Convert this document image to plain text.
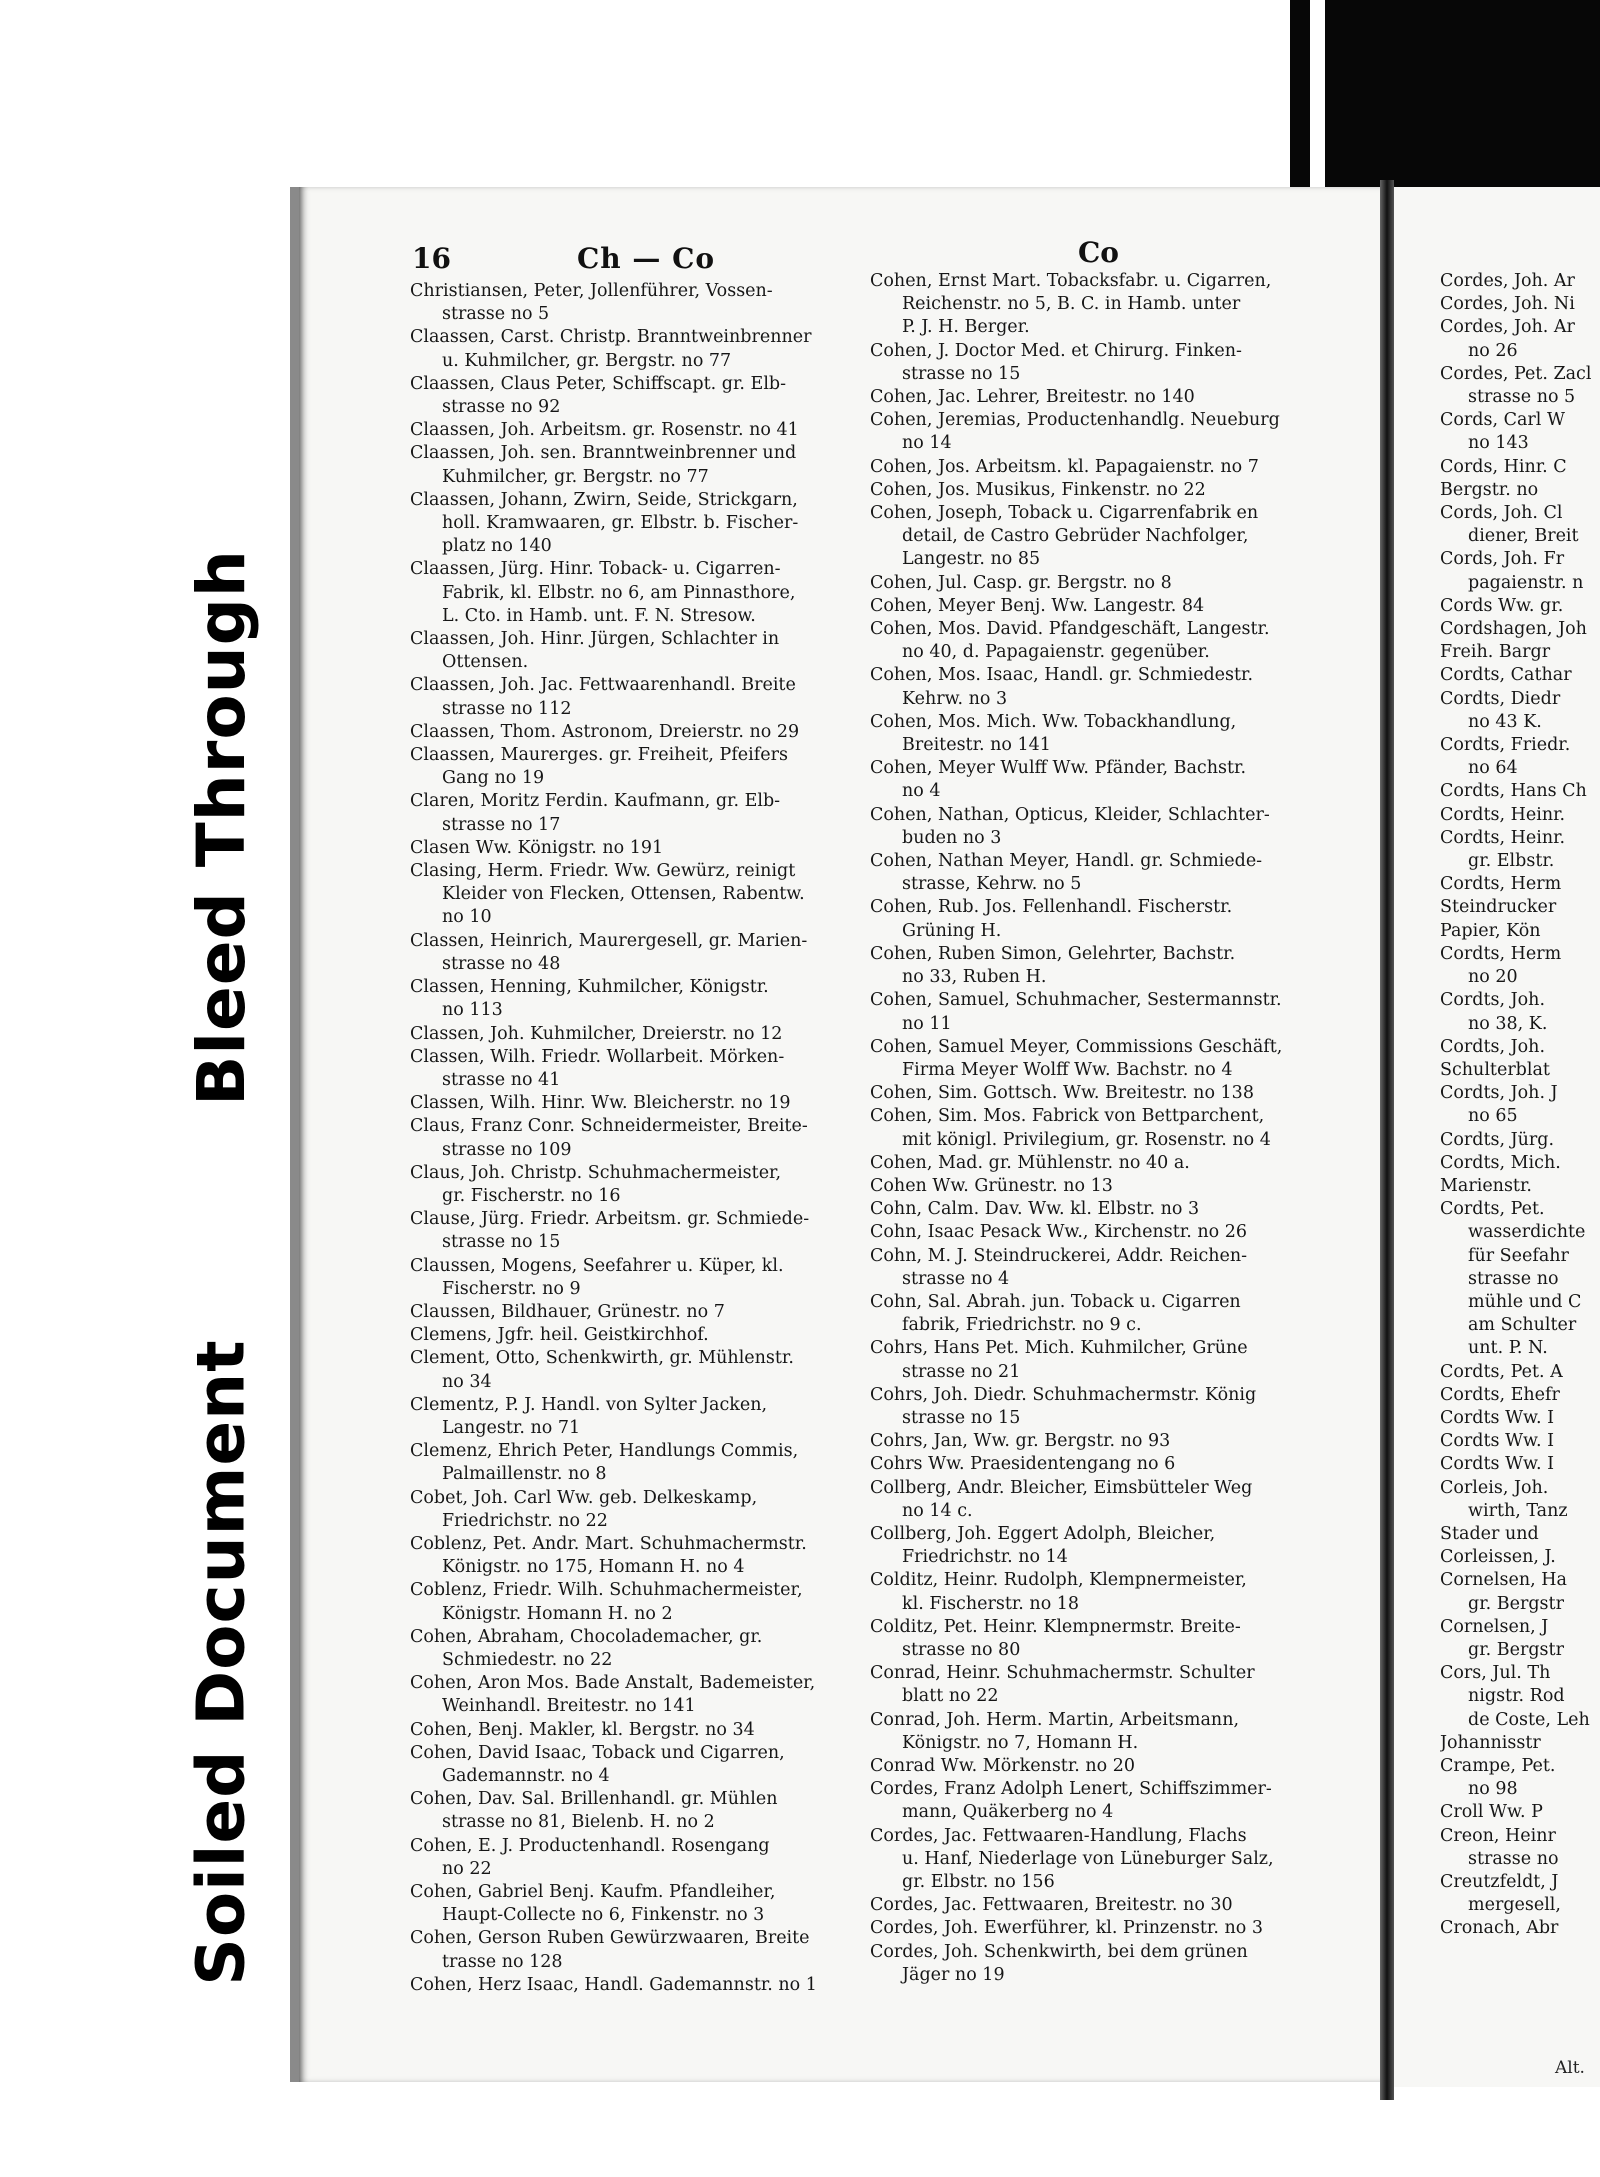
16	Ch — Co	Co
Christiansen, Peter, Jollenführer, Vossen-
strasse no 5
Claassen, Carst. Christp. Branntweinbrenner
u. Kuhmilcher, gr. Bergstr. no 77
Claassen, Claus Peter, Schiffscapt. gr. Elb-
strasse no 92
Claassen, Joh. Arbeitsm. gr. Rosenstr. no 41
Claassen, Joh. sen. Branntweinbrenner und
Kuhmilcher, gr. Bergstr. no 77
Claassen, Johann, Zwirn, Seide, Strickgarn,
holl. Kramwaaren, gr. Elbstr. b. Fischer-
platz no 140
Claassen, Jürg. Hinr. Toback- u. Cigarren-
Fabrik, kl. Elbstr. no 6, am Pinnasthore,
L. Cto. in Hamb. unt. F. N. Stresow.
Claassen, Joh. Hinr. Jürgen, Schlachter in
Ottensen.
Claassen, Joh. Jac. Fettwaarenhandl. Breite
strasse no 112
Claassen, Thom. Astronom, Dreierstr. no 29
Claassen, Maurerges. gr. Freiheit, Pfeifers
Gang no 19
Claren, Moritz Ferdin. Kaufmann, gr. Elb-
strasse no 17
Clasen Ww. Königstr. no 191
Clasing, Herm. Friedr. Ww. Gewürz, reinigt
Kleider von Flecken, Ottensen, Rabentw.
no 10
Classen, Heinrich, Maurergesell, gr. Marien-
strasse no 48
Classen, Henning, Kuhmilcher, Königstr.
no 113
Classen, Joh. Kuhmilcher, Dreierstr. no 12
Classen, Wilh. Friedr. Wollarbeit. Mörken-
strasse no 41
Classen, Wilh. Hinr. Ww. Bleicherstr. no 19
Claus, Franz Conr. Schneidermeister, Breite-
strasse no 109
Claus, Joh. Christp. Schuhmachermeister,
gr. Fischerstr. no 16
Clause, Jürg. Friedr. Arbeitsm. gr. Schmiede-
strasse no 15
Claussen, Mogens, Seefahrer u. Küper, kl.
Fischerstr. no 9
Claussen, Bildhauer, Grünestr. no 7
Clemens, Jgfr. heil. Geistkirchhof.
Clement, Otto, Schenkwirth, gr. Mühlenstr.
no 34
Clementz, P. J. Handl. von Sylter Jacken,
Langestr. no 71
Clemenz, Ehrich Peter, Handlungs Commis,
Palmaillenstr. no 8
Cobet, Joh. Carl Ww. geb. Delkeskamp,
Friedrichstr. no 22
Coblenz, Pet. Andr. Mart. Schuhmachermstr.
Königstr. no 175, Homann H. no 4
Coblenz, Friedr. Wilh. Schuhmachermeister,
Königstr. Homann H. no 2
Cohen, Abraham, Chocolademacher, gr.
Schmiedestr. no 22
Cohen, Aron Mos. Bade Anstalt, Bademeister,
Weinhandl. Breitestr. no 141
Cohen, Benj. Makler, kl. Bergstr. no 34
Cohen, David Isaac, Toback und Cigarren,
Gademannstr. no 4
Cohen, Dav. Sal. Brillenhandl. gr. Mühlen
strasse no 81, Bielenb. H. no 2
Cohen, E. J. Productenhandl. Rosengang
no 22
Cohen, Gabriel Benj. Kaufm. Pfandleiher,
Haupt-Collecte no 6, Finkenstr. no 3
Cohen, Gerson Ruben Gewürzwaaren, Breite
trasse no 128
Cohen, Herz Isaac, Handl. Gademannstr. no 1
Cohen, Ernst Mart. Tobacksfabr. u. Cigarren,
Reichenstr. no 5, B. C. in Hamb. unter
P. J. H. Berger.
Cohen, J. Doctor Med. et Chirurg. Finken-
strasse no 15
Cohen, Jac. Lehrer, Breitestr. no 140
Cohen, Jeremias, Productenhandlg. Neueburg
no 14
Cohen, Jos. Arbeitsm. kl. Papagaienstr. no 7
Cohen, Jos. Musikus, Finkenstr. no 22
Cohen, Joseph, Toback u. Cigarrenfabrik en
detail, de Castro Gebrüder Nachfolger,
Langestr. no 85
Cohen, Jul. Casp. gr. Bergstr. no 8
Cohen, Meyer Benj. Ww. Langestr. 84
Cohen, Mos. David. Pfandgeschäft, Langestr.
no 40, d. Papagaienstr. gegenüber.
Cohen, Mos. Isaac, Handl. gr. Schmiedestr.
Kehrw. no 3
Cohen, Mos. Mich. Ww. Tobackhandlung,
Breitestr. no 141
Cohen, Meyer Wulff Ww. Pfänder, Bachstr.
no 4
Cohen, Nathan, Opticus, Kleider, Schlachter-
buden no 3
Cohen, Nathan Meyer, Handl. gr. Schmiede-
strasse, Kehrw. no 5
Cohen, Rub. Jos. Fellenhandl. Fischerstr.
Grüning H.
Cohen, Ruben Simon, Gelehrter, Bachstr.
no 33, Ruben H.
Cohen, Samuel, Schuhmacher, Sestermannstr.
no 11
Cohen, Samuel Meyer, Commissions Geschäft,
Firma Meyer Wolff Ww. Bachstr. no 4
Cohen, Sim. Gottsch. Ww. Breitestr. no 138
Cohen, Sim. Mos. Fabrick von Bettparchent,
mit königl. Privilegium, gr. Rosenstr. no 4
Cohen, Mad. gr. Mühlenstr. no 40 a.
Cohen Ww. Grünestr. no 13
Cohn, Calm. Dav. Ww. kl. Elbstr. no 3
Cohn, Isaac Pesack Ww., Kirchenstr. no 26
Cohn, M. J. Steindruckerei, Addr. Reichen-
strasse no 4
Cohn, Sal. Abrah. jun. Toback u. Cigarren
fabrik, Friedrichstr. no 9 c.
Cohrs, Hans Pet. Mich. Kuhmilcher, Grüne
strasse no 21
Cohrs, Joh. Diedr. Schuhmachermstr. König
strasse no 15
Cohrs, Jan, Ww. gr. Bergstr. no 93
Cohrs Ww. Praesidentengang no 6
Collberg, Andr. Bleicher, Eimsbütteler Weg
no 14 c.
Collberg, Joh. Eggert Adolph, Bleicher,
Friedrichstr. no 14
Colditz, Heinr. Rudolph, Klempnermeister,
kl. Fischerstr. no 18
Colditz, Pet. Heinr. Klempnermstr. Breite-
strasse no 80
Conrad, Heinr. Schuhmachermstr. Schulter
blatt no 22
Conrad, Joh. Herm. Martin, Arbeitsmann,
Königstr. no 7, Homann H.
Conrad Ww. Mörkenstr. no 20
Cordes, Franz Adolph Lenert, Schiffszimmer-
mann, Quäkerberg no 4
Cordes, Jac. Fettwaaren-Handlung, Flachs
u. Hanf, Niederlage von Lüneburger Salz,
gr. Elbstr. no 156
Cordes, Jac. Fettwaaren, Breitestr. no 30
Cordes, Joh. Ewerführer, kl. Prinzenstr. no 3
Cordes, Joh. Schenkwirth, bei dem grünen
Jäger no 19
Cordes, Joh. Ar
Cordes, Joh. Ni
Cordes, Joh. Ar
no 26
Cordes, Pet. Zacl
strasse no 5
Cords, Carl W
no 143
Cords, Hinr. C
Bergstr. no
Cords, Joh. Cl
diener, Breit
Cords, Joh. Fr
pagaienstr. n
Cords Ww. gr.
Cordshagen, Joh
Freih. Bargr
Cordts, Cathar
Cordts, Diedr
no 43 K.
Cordts, Friedr.
no 64
Cordts, Hans Ch
Cordts, Heinr.
Cordts, Heinr.
gr. Elbstr.
Cordts, Herm
Steindrucker
Papier, Kön
Cordts, Herm
no 20
Cordts, Joh.
no 38, K.
Cordts, Joh.
Schulterblat
Cordts, Joh. J
no 65
Cordts, Jürg.
Cordts, Mich.
Marienstr.
Cordts, Pet.
wasserdichte
für Seefahr
strasse no
mühle und C
am Schulter
unt. P. N.
Cordts, Pet. A
Cordts, Ehefr
Cordts Ww. I
Cordts Ww. I
Cordts Ww. I
Corleis, Joh.
wirth, Tanz
Stader und
Corleissen, J.
Cornelsen, Ha
gr. Bergstr
Cornelsen, J
gr. Bergstr
Cors, Jul. Th
nigstr. Rod
de Coste, Leh
Johannisstr
Crampe, Pet.
no 98
Croll Ww. P
Creon, Heinr
strasse no
Creutzfeldt, J
mergesell,
Cronach, Abr
Alt.
Bleed Through
Soiled Document
